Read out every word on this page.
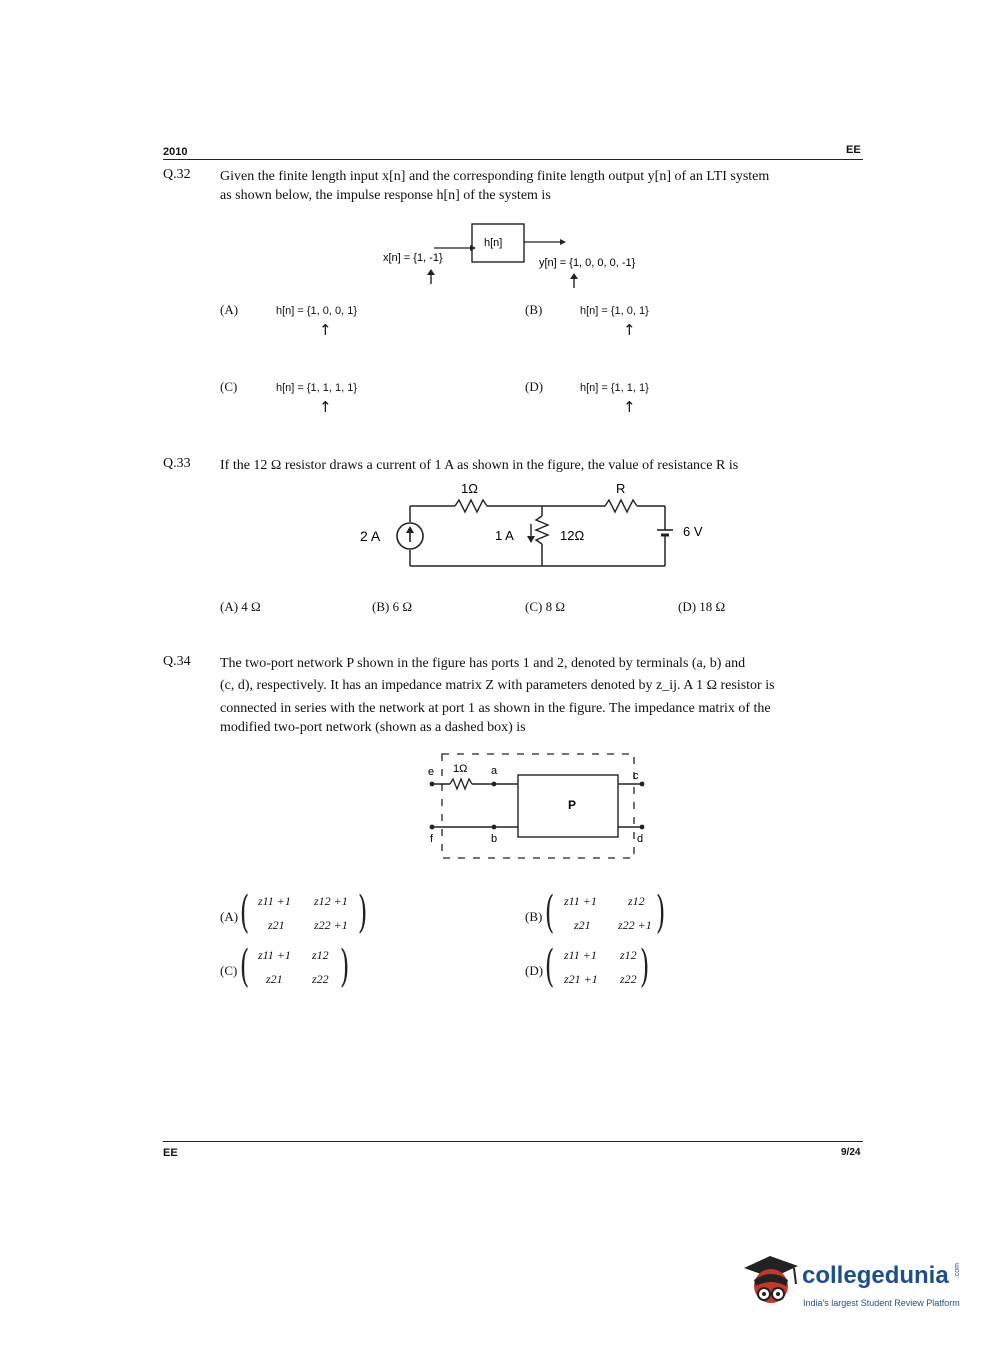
2010	EE
Q.32 Given the finite length input x[n] and the corresponding finite length output y[n] of an LTI system
as shown below, the impulse response h[n] of the system is
h[n]
x[n] = {1, -1}	y[n] = {1, 0, 0, 0, -1}
(A)	h[n] = {1, 0, 0, 1}
↑
(B)	h[n] = {1, 0, 1}
↑
(C)	h[n] = {1, 1, 1, 1}
↑
(D)	h[n] = {1, 1, 1}
↑
Q.33 If the 12 Ω resistor draws a current of 1 A as shown in the figure, the value of resistance R is
1Ω	R
2 A	1 A	12Ω	6 V
(A) 4 Ω	(B) 6 Ω	(C) 8 Ω	(D) 18 Ω
Q.34 The two-port network P shown in the figure has ports 1 and 2, denoted by terminals (a, b) and
(c, d), respectively. It has an impedance matrix Z with parameters denoted by z_ij. A 1 Ω resistor is
connected in series with the network at port 1 as shown in the figure. The impedance matrix of the
modified two-port network (shown as a dashed box) is
e 1Ω a	c
P
f	b	d
(A) ( z11 +1 z12 +1
z21 z22 +1 )	(B) ( z11 +1	z12
z21 z22 +1 )
(C) ( z11 +1 z12
z21 z22 )	(D) ( z11 +1 z12
z21 +1 z22 )
EE	9/24
collegedunia .com
India's largest Student Review Platform
